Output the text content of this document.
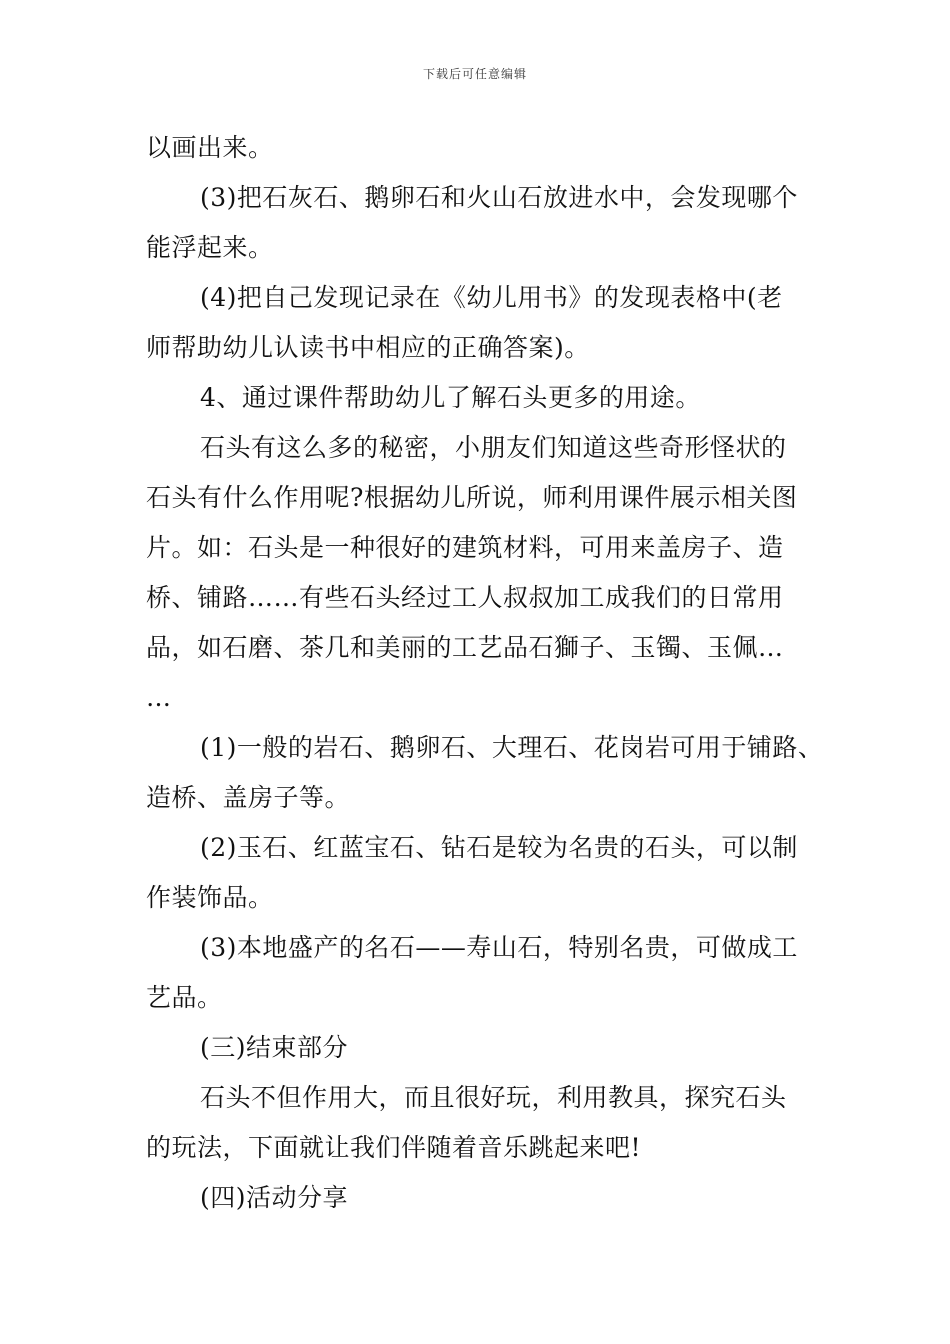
下载后可任意编辑
以画出来。
(3)把石灰石、鹅卵石和火山石放进水中，会发现哪个
能浮起来。
(4)把自己发现记录在《幼儿用书》的发现表格中(老
师帮助幼儿认读书中相应的正确答案)。
4、通过课件帮助幼儿了解石头更多的用途。
石头有这么多的秘密，小朋友们知道这些奇形怪状的
石头有什么作用呢?根据幼儿所说，师利用课件展示相关图
片。如：石头是一种很好的建筑材料，可用来盖房子、造
桥、铺路……有些石头经过工人叔叔加工成我们的日常用
品，如石磨、茶几和美丽的工艺品石獅子、玉镯、玉佩…
…
(1)一般的岩石、鹅卵石、大理石、花岗岩可用于铺路、
造桥、盖房子等。
(2)玉石、红蓝宝石、钻石是较为名贵的石头，可以制
作装饰品。
(3)本地盛产的名石——寿山石，特别名贵，可做成工
艺品。
(三)结束部分
石头不但作用大，而且很好玩，利用教具，探究石头
的玩法，下面就让我们伴随着音乐跳起来吧!
(四)活动分享
